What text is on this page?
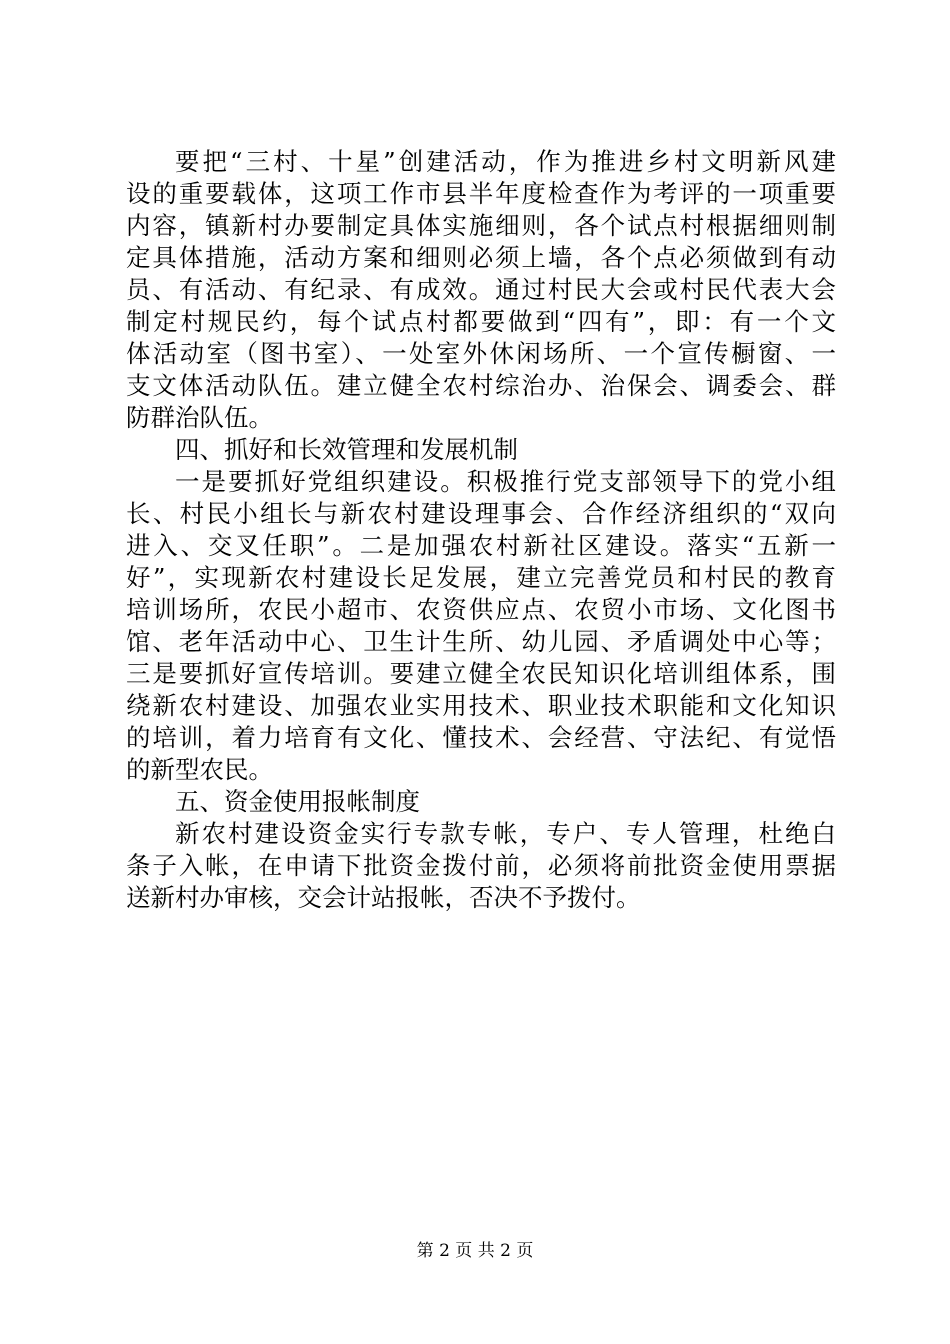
要把“三村、十星”创建活动，作为推进乡村文明新风建
设的重要载体，这项工作市县半年度检查作为考评的一项重要
内容，镇新村办要制定具体实施细则，各个试点村根据细则制
定具体措施，活动方案和细则必须上墙，各个点必须做到有动
员、有活动、有纪录、有成效。通过村民大会或村民代表大会
制定村规民约，每个试点村都要做到“四有”，即：有一个文
体活动室（图书室）、一处室外休闲场所、一个宣传橱窗、一
支文体活动队伍。建立健全农村综治办、治保会、调委会、群
防群治队伍。
四、抓好和长效管理和发展机制
一是要抓好党组织建设。积极推行党支部领导下的党小组
长、村民小组长与新农村建设理事会、合作经济组织的“双向
进入、交叉任职”。二是加强农村新社区建设。落实“五新一
好”，实现新农村建设长足发展，建立完善党员和村民的教育
培训场所，农民小超市、农资供应点、农贸小市场、文化图书
馆、老年活动中心、卫生计生所、幼儿园、矛盾调处中心等；
三是要抓好宣传培训。要建立健全农民知识化培训组体系，围
绕新农村建设、加强农业实用技术、职业技术职能和文化知识
的培训，着力培育有文化、懂技术、会经营、守法纪、有觉悟
的新型农民。
五、资金使用报帐制度
新农村建设资金实行专款专帐，专户、专人管理，杜绝白
条子入帐，在申请下批资金拨付前，必须将前批资金使用票据
送新村办审核，交会计站报帐，否决不予拨付。
第 2 页 共 2 页
